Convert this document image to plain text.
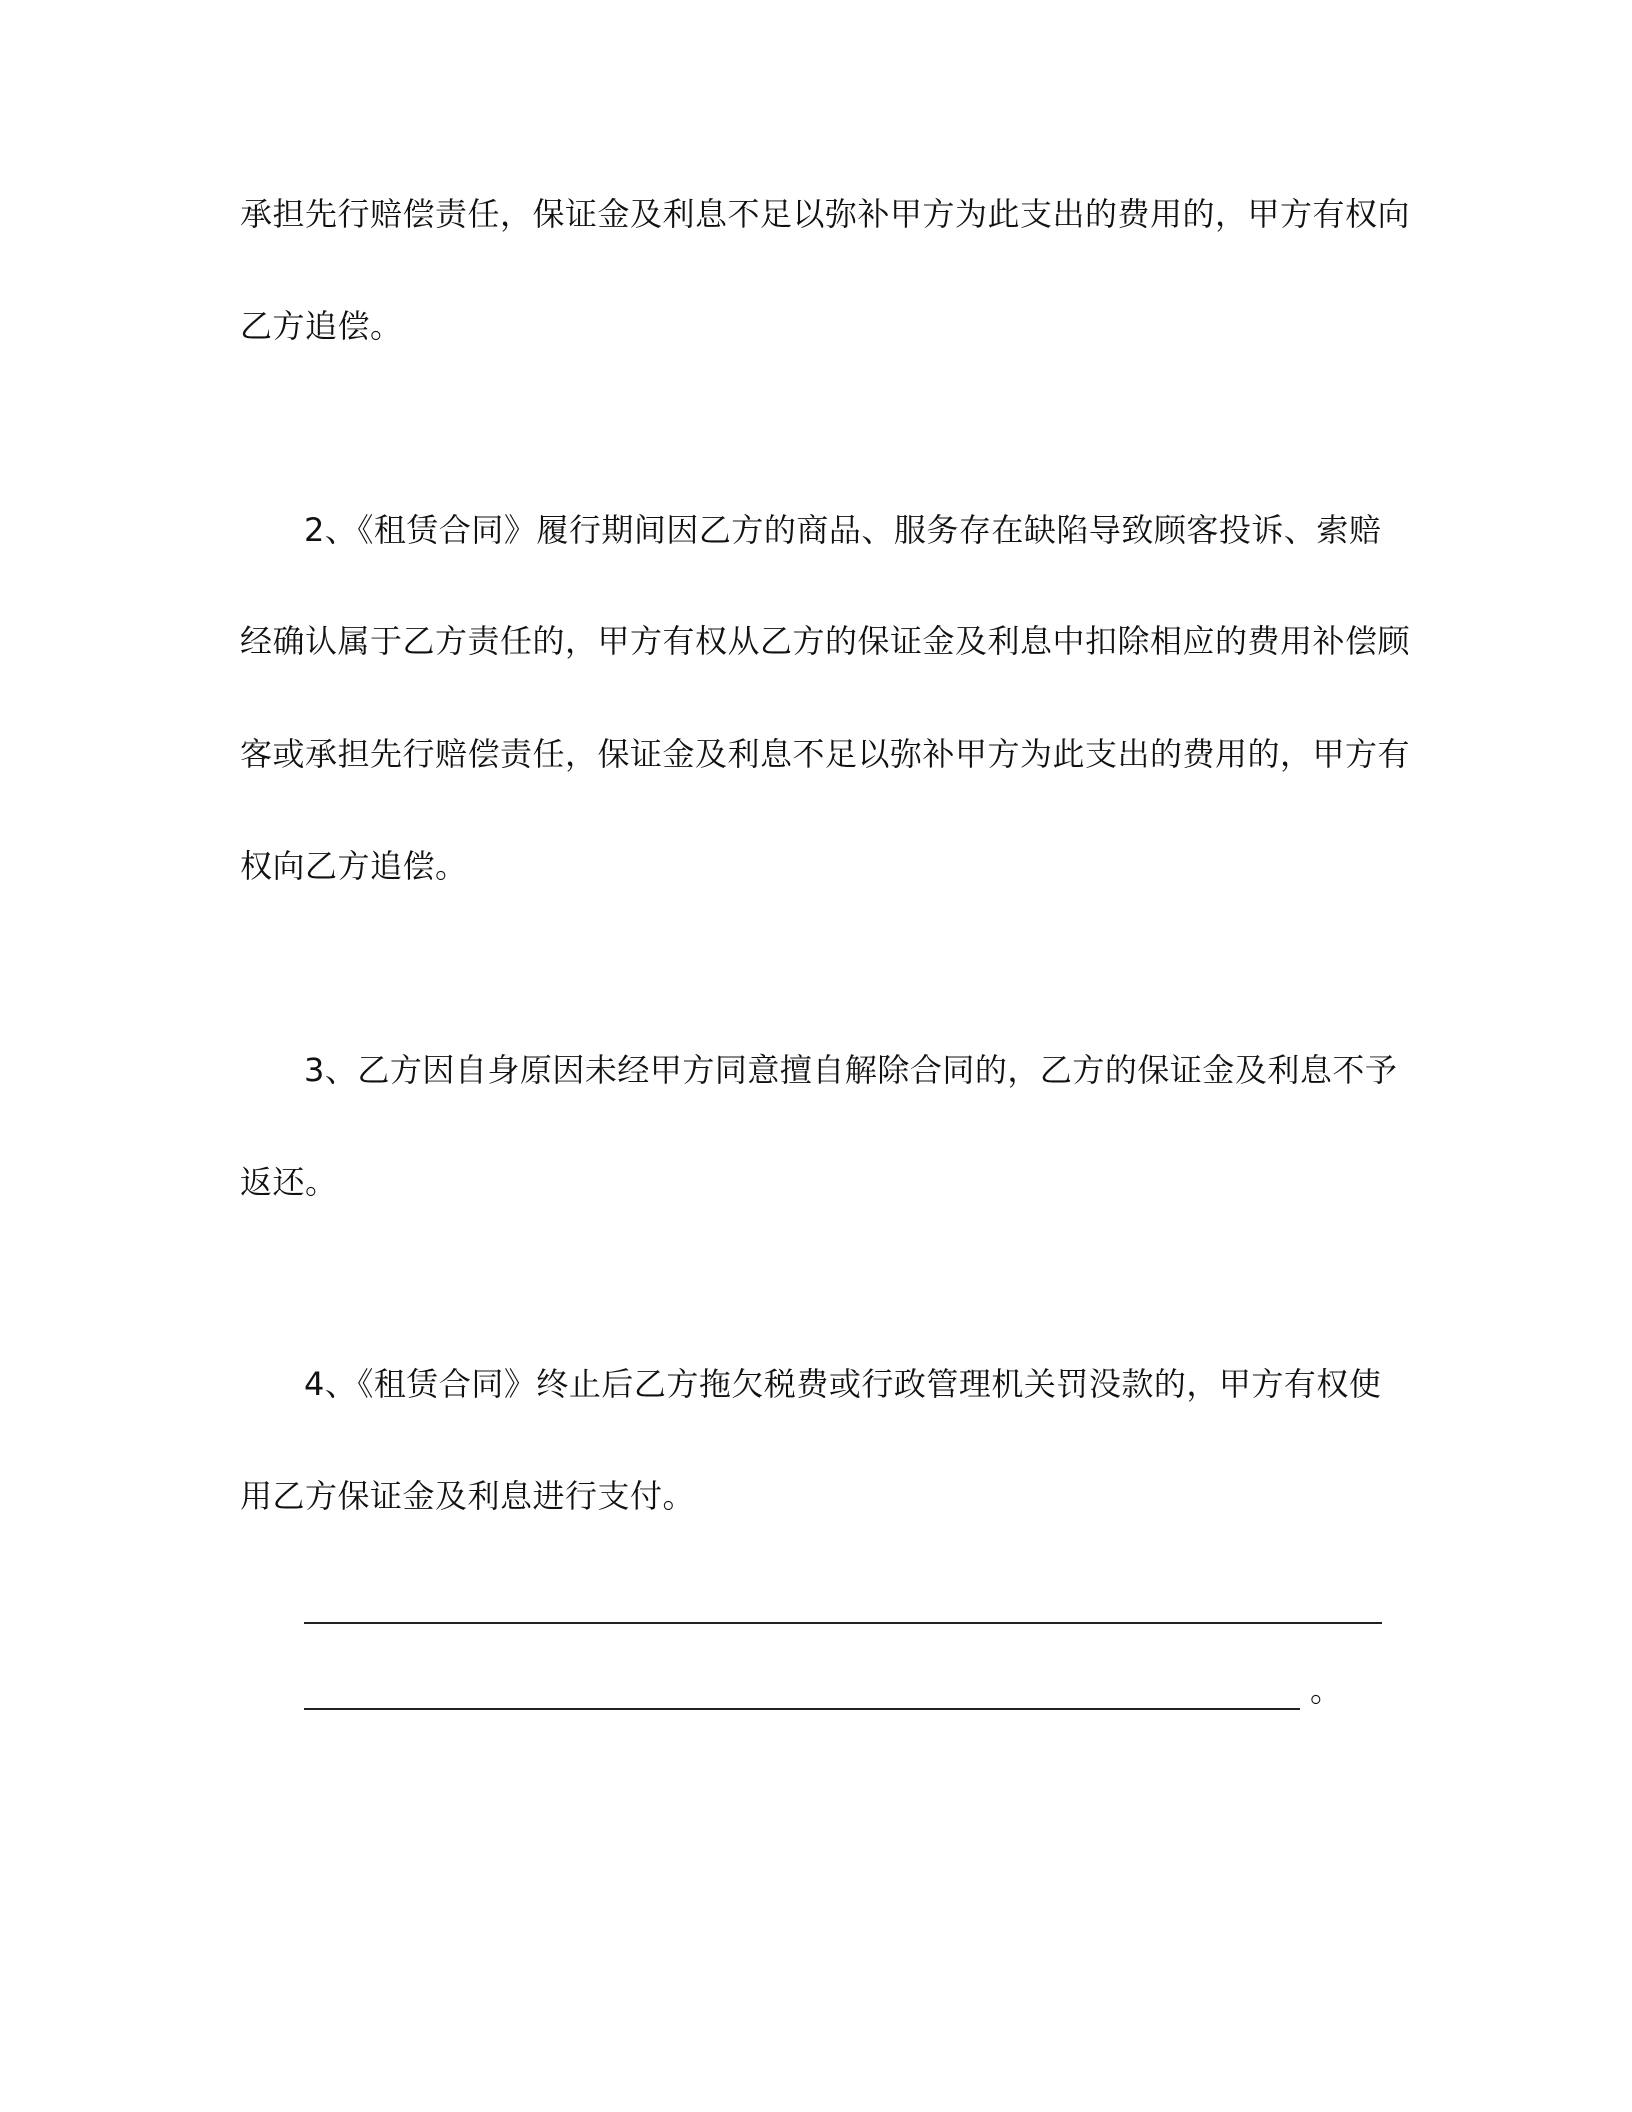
承担先行赔偿责任，保证金及利息不足以弥补甲方为此支出的费用的，甲方有权向
乙方追偿。
2、《租赁合同》履行期间因乙方的商品、服务存在缺陷导致顾客投诉、索赔
经确认属于乙方责任的，甲方有权从乙方的保证金及利息中扣除相应的费用补偿顾
客或承担先行赔偿责任，保证金及利息不足以弥补甲方为此支出的费用的，甲方有
权向乙方追偿。
3、乙方因自身原因未经甲方同意擅自解除合同的，乙方的保证金及利息不予
返还。
4、《租赁合同》终止后乙方拖欠税费或行政管理机关罚没款的，甲方有权使
用乙方保证金及利息进行支付。
。
